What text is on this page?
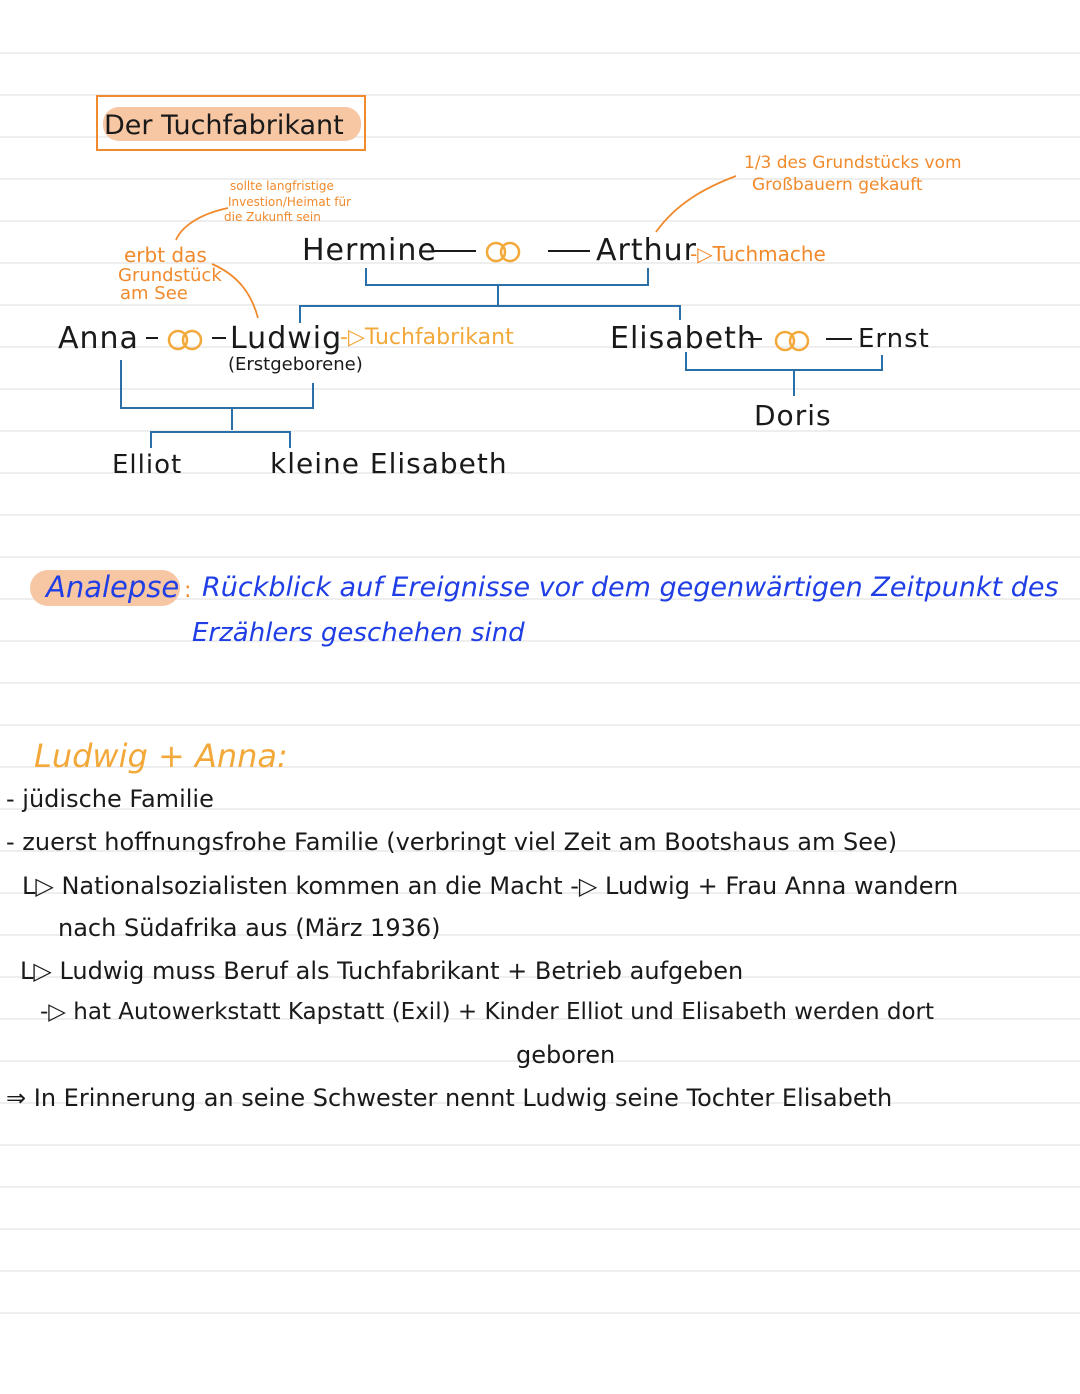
Der Tuchfabrikant
sollte langfristige
Investion/Heimat für
die Zukunft sein
erbt das
Grundstück
am See
1/3 des Grundstücks vom
Großbauern gekauft
Hermine	Arthur
-▷Tuchmache
Anna	Ludwig
-▷Tuchfabrikant
(Erstgeborene)
Elisabeth	Ernst
Doris
Elliot	kleine Elisabeth
Analepse : Rückblick auf Ereignisse vor dem gegenwärtigen Zeitpunkt des
Erzählers geschehen sind
Ludwig + Anna:
- jüdische Familie
- zuerst hoffnungsfrohe Familie (verbringt viel Zeit am Bootshaus am See)
L▷ Nationalsozialisten kommen an die Macht -▷ Ludwig + Frau Anna wandern
nach Südafrika aus (März 1936)
L▷ Ludwig muss Beruf als Tuchfabrikant + Betrieb aufgeben
-▷ hat Autowerkstatt Kapstatt (Exil) + Kinder Elliot und Elisabeth werden dort
geboren
⇒ In Erinnerung an seine Schwester nennt Ludwig seine Tochter Elisabeth
